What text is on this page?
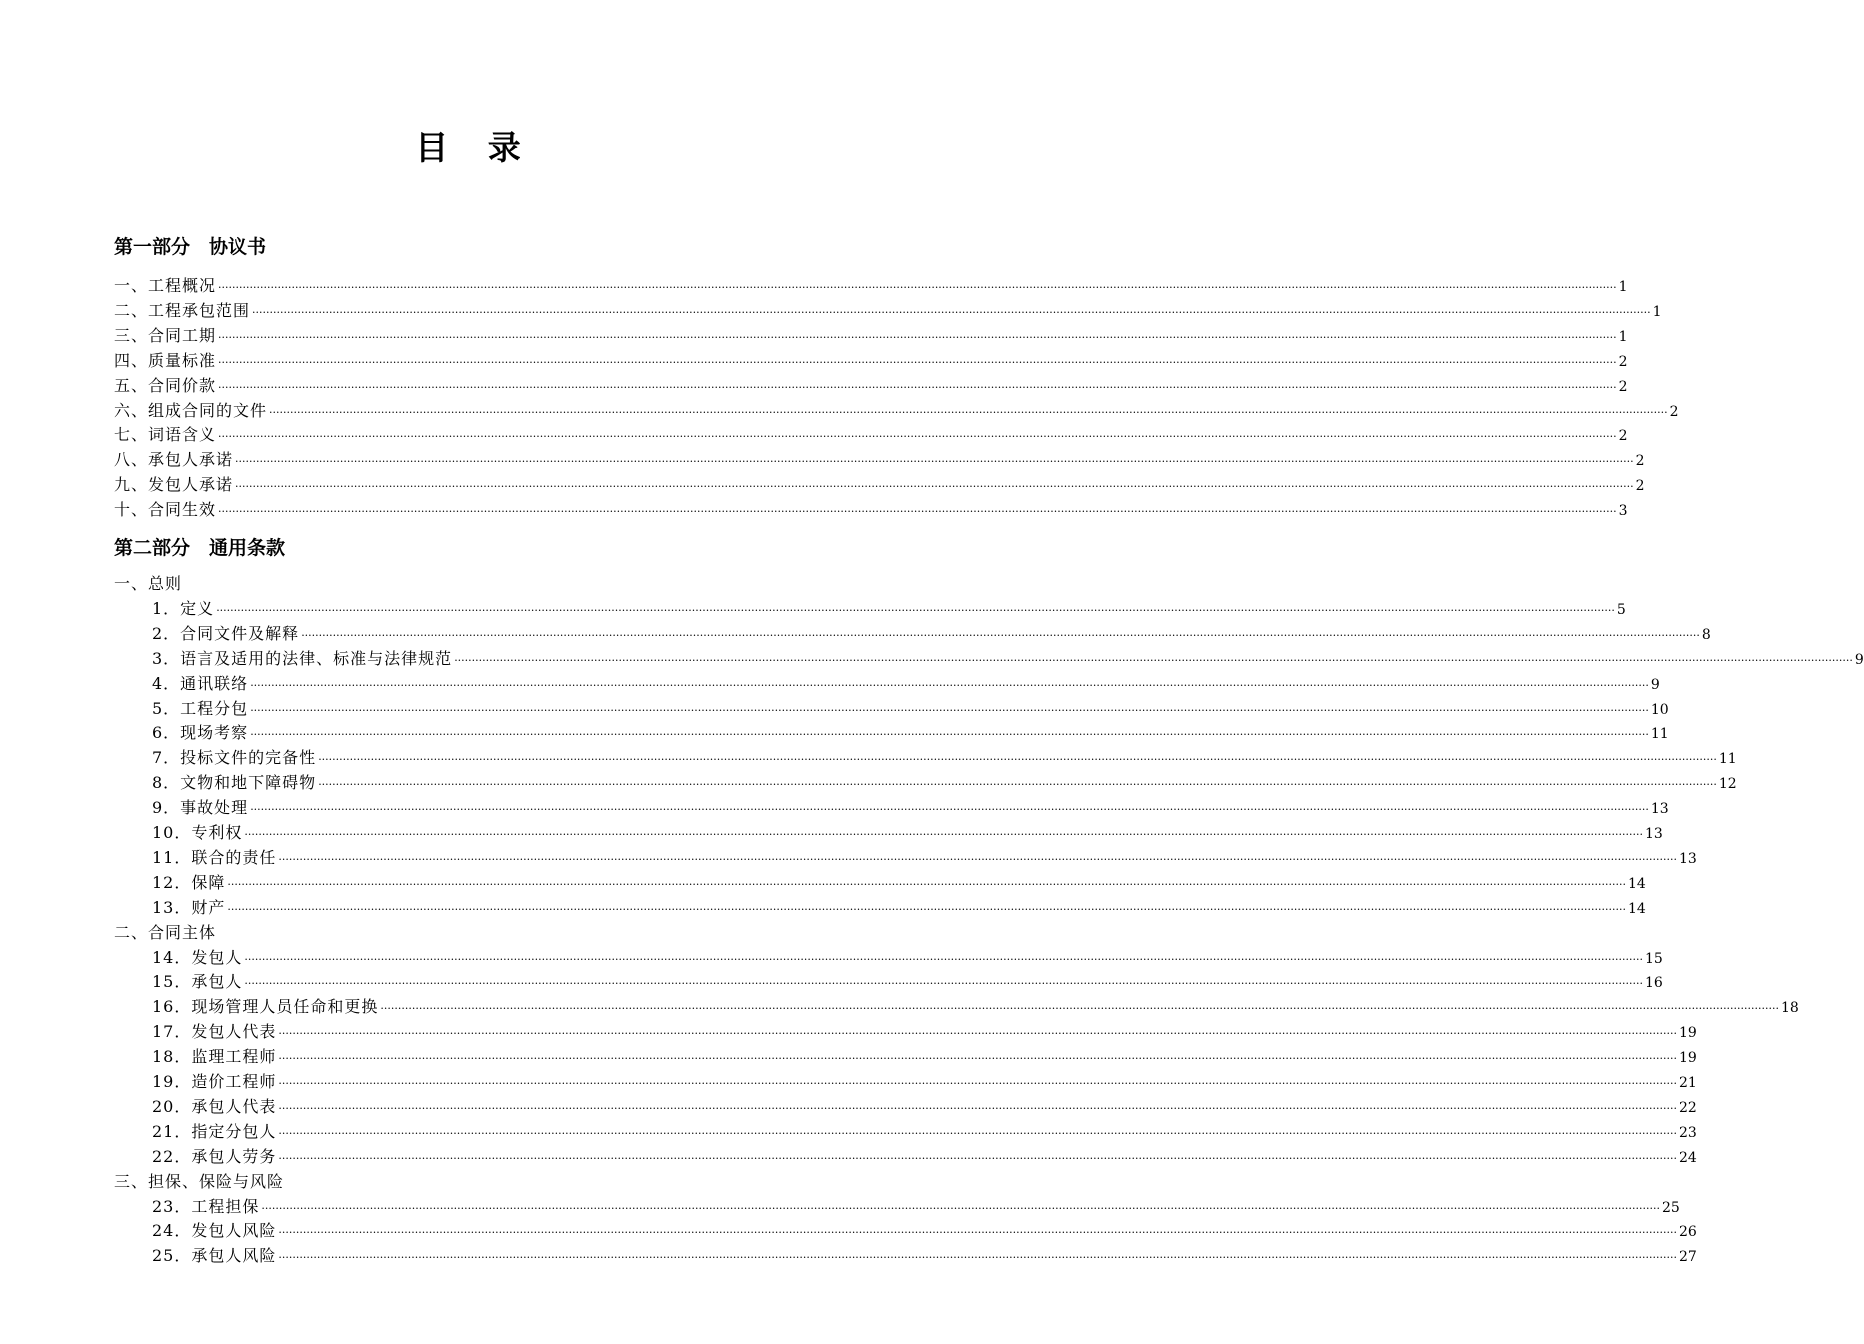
目 录
第一部分　协议书
一、工程概况 ················································································································································································································································································································································································································ 1
二、工程承包范围 ················································································································································································································································································································································································································ 1
三、合同工期 ················································································································································································································································································································································································································ 1
四、质量标准 ················································································································································································································································································································································································································ 2
五、合同价款 ················································································································································································································································································································································································································ 2
六、组成合同的文件 ················································································································································································································································································································································································································ 2
七、词语含义 ················································································································································································································································································································································································································ 2
八、承包人承诺 ················································································································································································································································································································································································································ 2
九、发包人承诺 ················································································································································································································································································································································································································ 2
十、合同生效 ················································································································································································································································································································································································································ 3
第二部分　通用条款
一、总则
1．定义 ················································································································································································································································································································································································································ 5
2．合同文件及解释 ················································································································································································································································································································································································································ 8
3．语言及适用的法律、标准与法律规范 ················································································································································································································································································································································································································ 9
4．通讯联络 ················································································································································································································································································································································································································ 9
5．工程分包 ················································································································································································································································································································································································································ 10
6．现场考察 ················································································································································································································································································································································································································ 11
7．投标文件的完备性 ················································································································································································································································································································································································································ 11
8．文物和地下障碍物 ················································································································································································································································································································································································································ 12
9．事故处理 ················································································································································································································································································································································································································ 13
10．专利权 ················································································································································································································································································································································································································ 13
11．联合的责任 ················································································································································································································································································································································································································ 13
12．保障 ················································································································································································································································································································································································································ 14
13．财产 ················································································································································································································································································································································································································ 14
二、合同主体
14．发包人 ················································································································································································································································································································································································································ 15
15．承包人 ················································································································································································································································································································································································································ 16
16．现场管理人员任命和更换 ················································································································································································································································································································································································································ 18
17．发包人代表 ················································································································································································································································································································································································································ 19
18．监理工程师 ················································································································································································································································································································································································································ 19
19．造价工程师 ················································································································································································································································································································································································································ 21
20．承包人代表 ················································································································································································································································································································································································································ 22
21．指定分包人 ················································································································································································································································································································································································································ 23
22．承包人劳务 ················································································································································································································································································································································································································ 24
三、担保、保险与风险
23．工程担保 ················································································································································································································································································································································································································ 25
24．发包人风险 ················································································································································································································································································································································································································ 26
25．承包人风险 ················································································································································································································································································································································································································ 27
